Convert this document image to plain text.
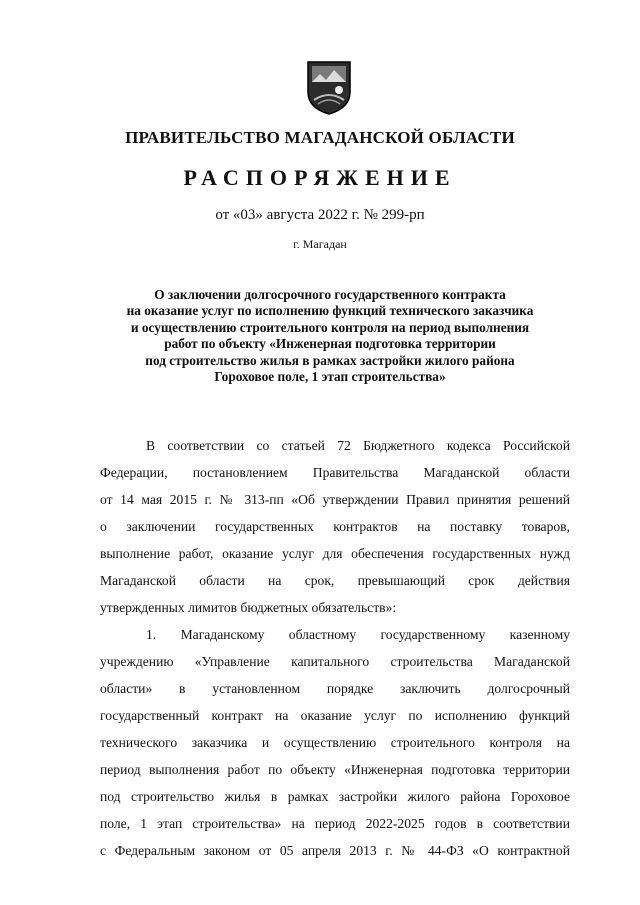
ПРАВИТЕЛЬСТВО МАГАДАНСКОЙ ОБЛАСТИ
РАСПОРЯЖЕНИЕ
от «03» августа 2022 г. № 299-рп
г. Магадан
О заключении долгосрочного государственного контракта
на оказание услуг по исполнению функций технического заказчика
и осуществлению строительного контроля на период выполнения
работ по объекту «Инженерная подготовка территории
под строительство жилья в рамках застройки жилого района
Гороховое поле, 1 этап строительства»
В соответствии со статьей 72 Бюджетного кодекса Российской
Федерации, постановлением Правительства Магаданской области
от 14 мая 2015 г. № 313-пп «Об утверждении Правил принятия решений
о заключении государственных контрактов на поставку товаров,
выполнение работ, оказание услуг для обеспечения государственных нужд
Магаданской области на срок, превышающий срок действия
утвержденных лимитов бюджетных обязательств»:
1. Магаданскому областному государственному казенному
учреждению «Управление капитального строительства Магаданской
области» в установленном порядке заключить долгосрочный
государственный контракт на оказание услуг по исполнению функций
технического заказчика и осуществлению строительного контроля на
период выполнения работ по объекту «Инженерная подготовка территории
под строительство жилья в рамках застройки жилого района Гороховое
поле, 1 этап строительства» на период 2022-2025 годов в соответствии
с Федеральным законом от 05 апреля 2013 г. № 44-ФЗ «О контрактной
